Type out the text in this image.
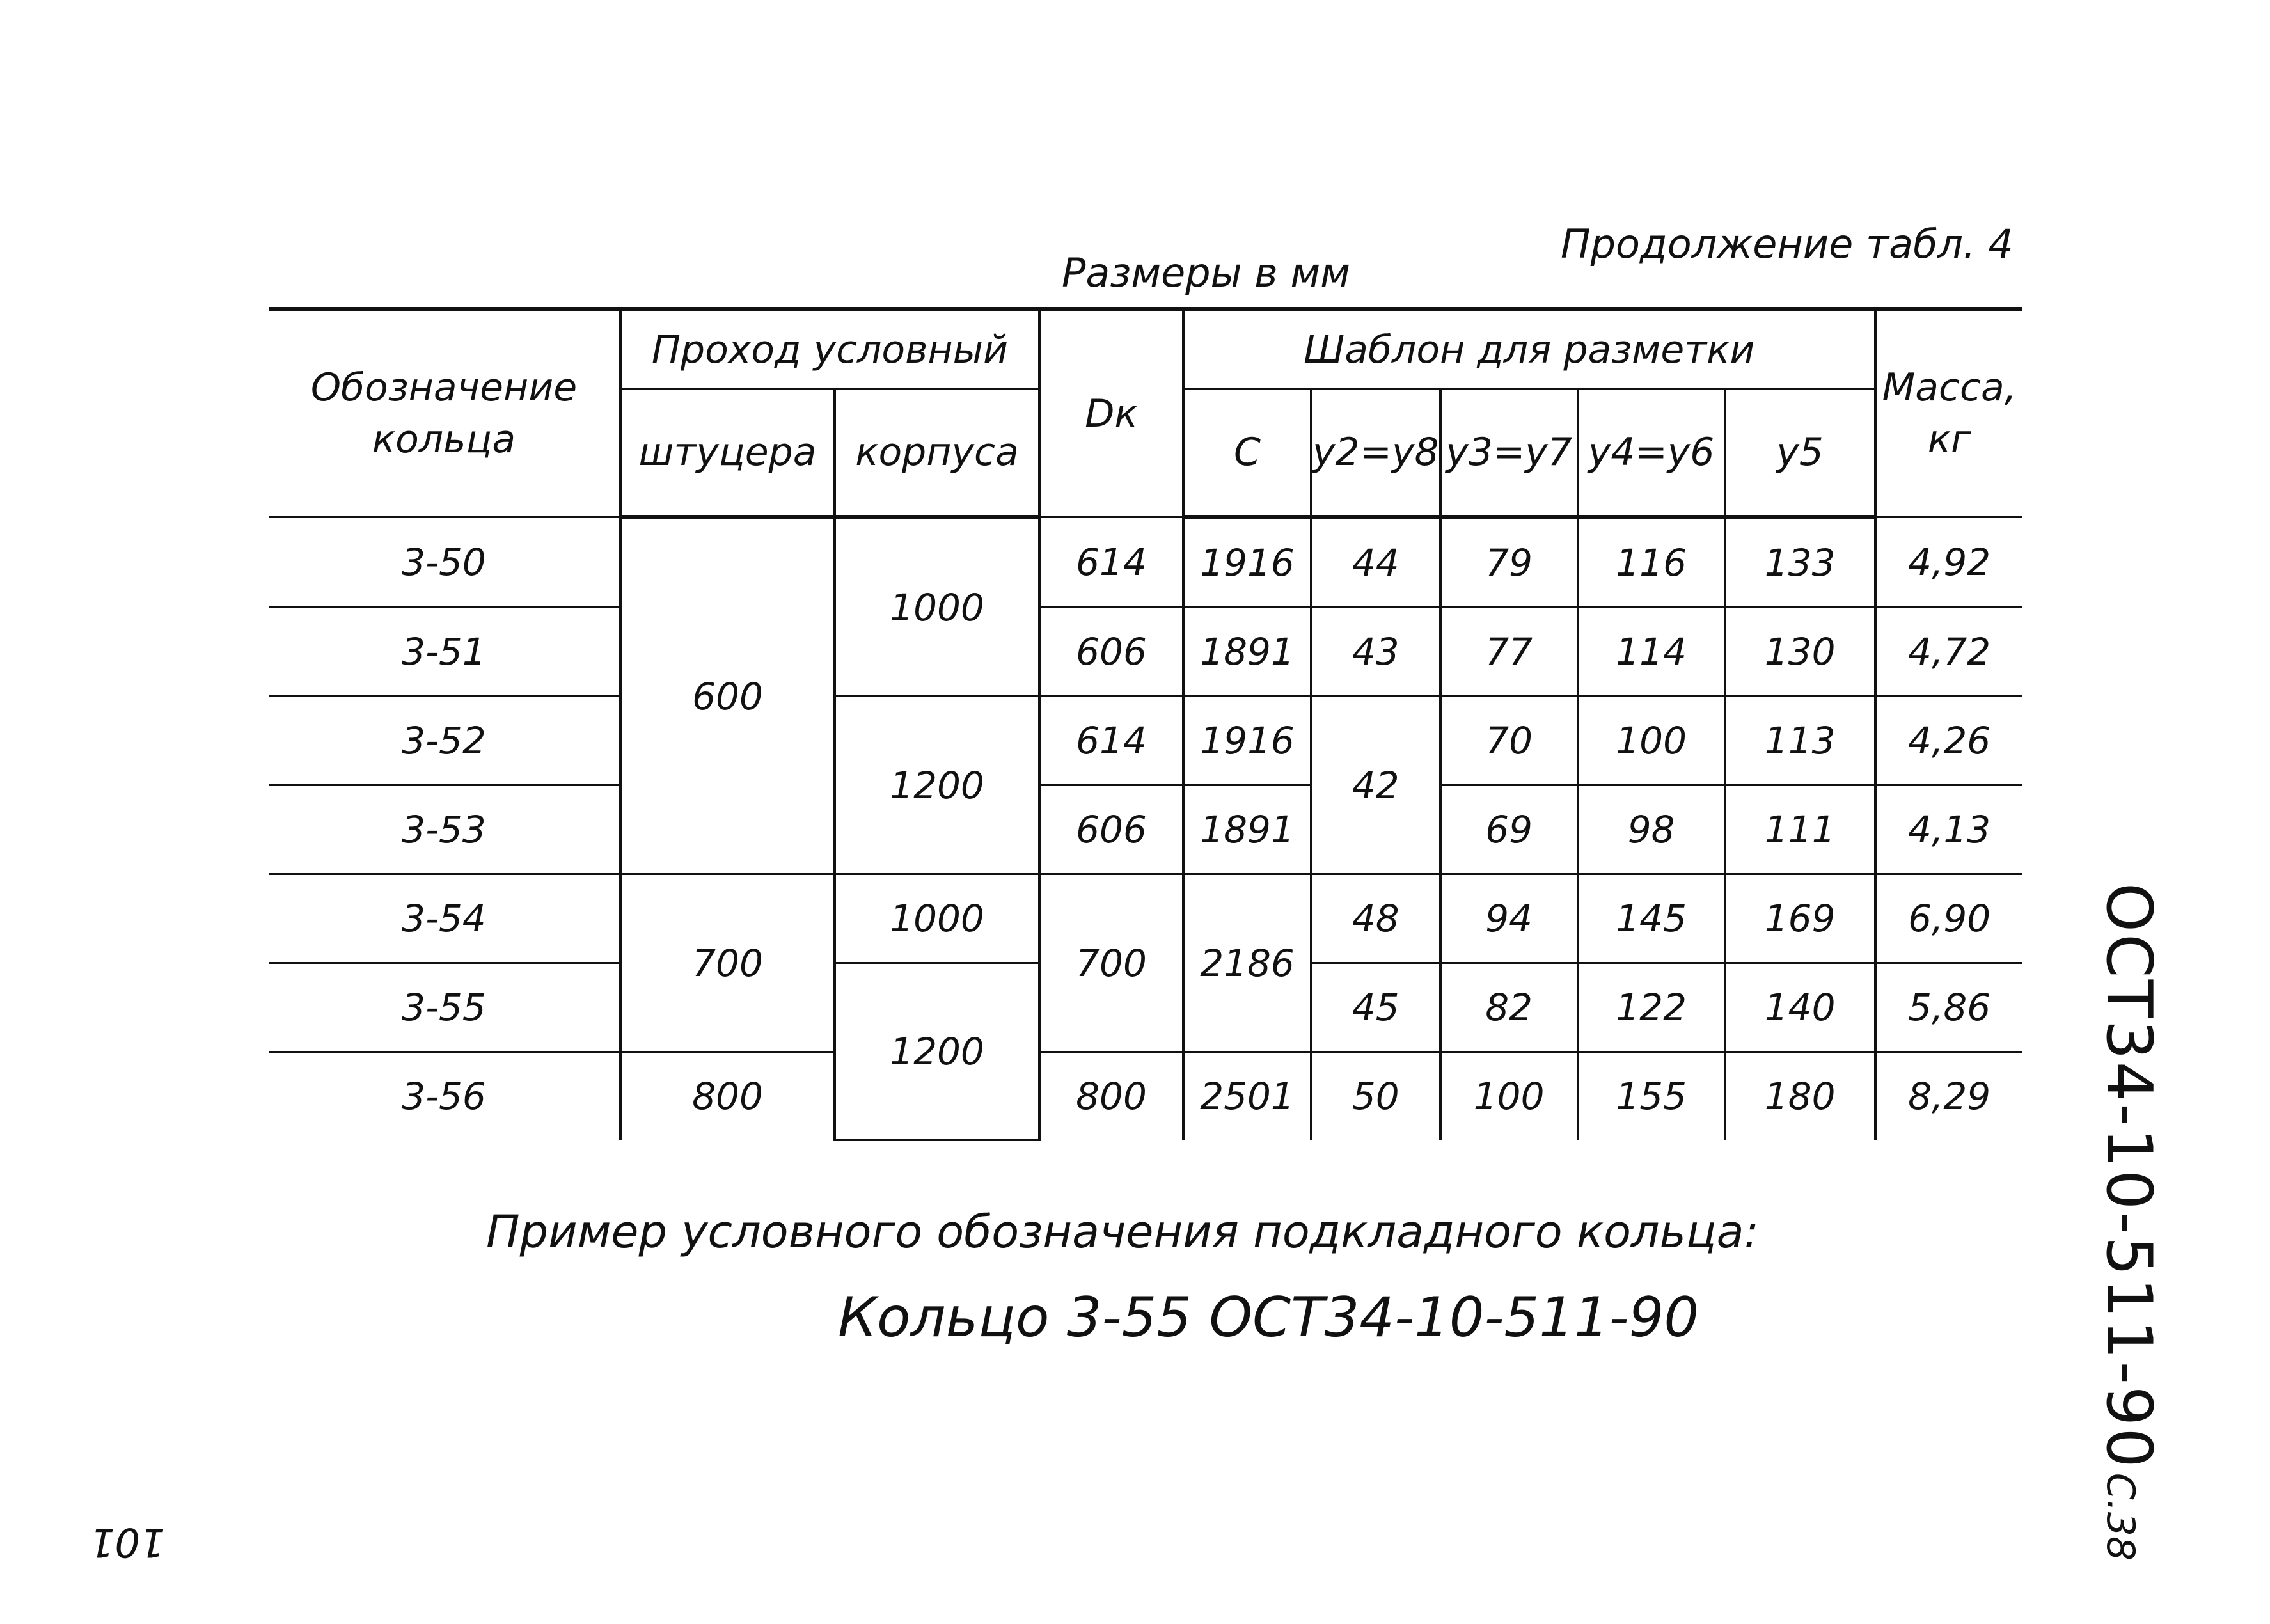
Продолжение табл. 4
Размеры в мм
Обозначение кольца	Проход условный		Dк	Шаблон для разметки					Масса, кг
	штуцера	корпуса		C	y2=y8	y3=y7	y4=y6	y5	
3-50	600	1000	614	1916	44	79	116	133	4,92
3-51			606	1891	43	77	114	130	4,72
3-52		1200	614	1916	42	70	100	113	4,26
3-53			606	1891		69	98	111	4,13
3-54	700	1000	700	2186	48	94	145	169	6,90
3-55		1200			45	82	122	140	5,86
3-56	800		800	2501	50	100	155	180	8,29
Пример условного обозначения подкладного кольца:
Кольцо 3-55 ОСТ34-10-511-90	ОСТ34-10-511-90 С.38
101
